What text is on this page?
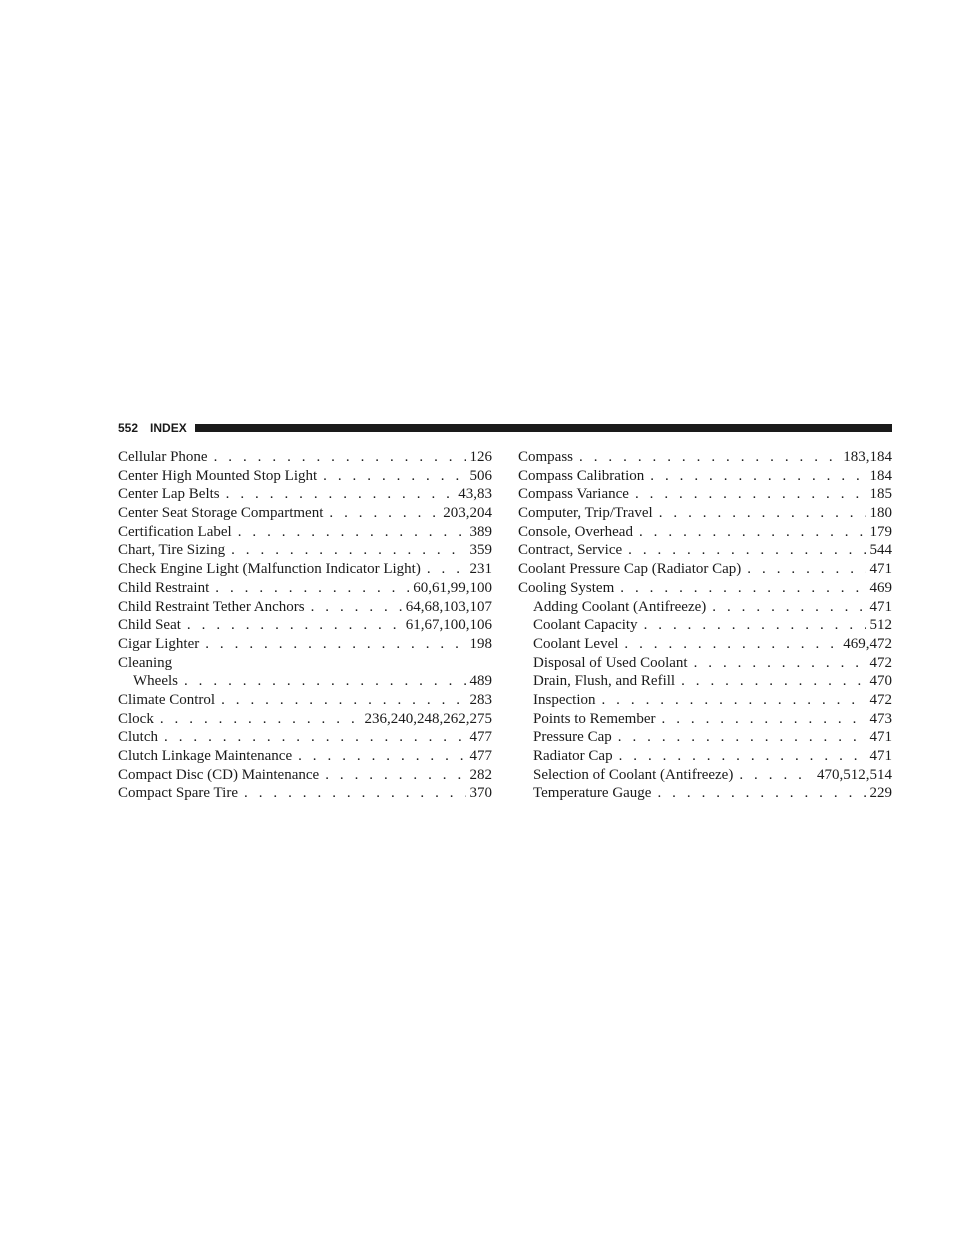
552 INDEX
Cellular Phone . . .	126
Center High Mounted Stop Light . . .	506
Center Lap Belts . . .	43,83
Center Seat Storage Compartment . . .	203,204
Certification Label . . .	389
Chart, Tire Sizing . . .	359
Check Engine Light (Malfunction Indicator Light) . . .	231
Child Restraint . . .	60,61,99,100
Child Restraint Tether Anchors . . .	64,68,103,107
Child Seat . . .	61,67,100,106
Cigar Lighter . . .	198
Cleaning
Wheels . . .	489
Climate Control . . .	283
Clock . . .	236,240,248,262,275
Clutch . . .	477
Clutch Linkage Maintenance . . .	477
Compact Disc (CD) Maintenance . . .	282
Compact Spare Tire . . .	370
Compass . . .	183,184
Compass Calibration . . .	184
Compass Variance . . .	185
Computer, Trip/Travel . . .	180
Console, Overhead . . .	179
Contract, Service . . .	544
Coolant Pressure Cap (Radiator Cap) . . .	471
Cooling System . . .	469
Adding Coolant (Antifreeze) . . .	471
Coolant Capacity . . .	512
Coolant Level . . .	469,472
Disposal of Used Coolant . . .	472
Drain, Flush, and Refill . . .	470
Inspection . . .	472
Points to Remember . . .	473
Pressure Cap . . .	471
Radiator Cap . . .	471
Selection of Coolant (Antifreeze) . . .	470,512,514
Temperature Gauge . . .	229
